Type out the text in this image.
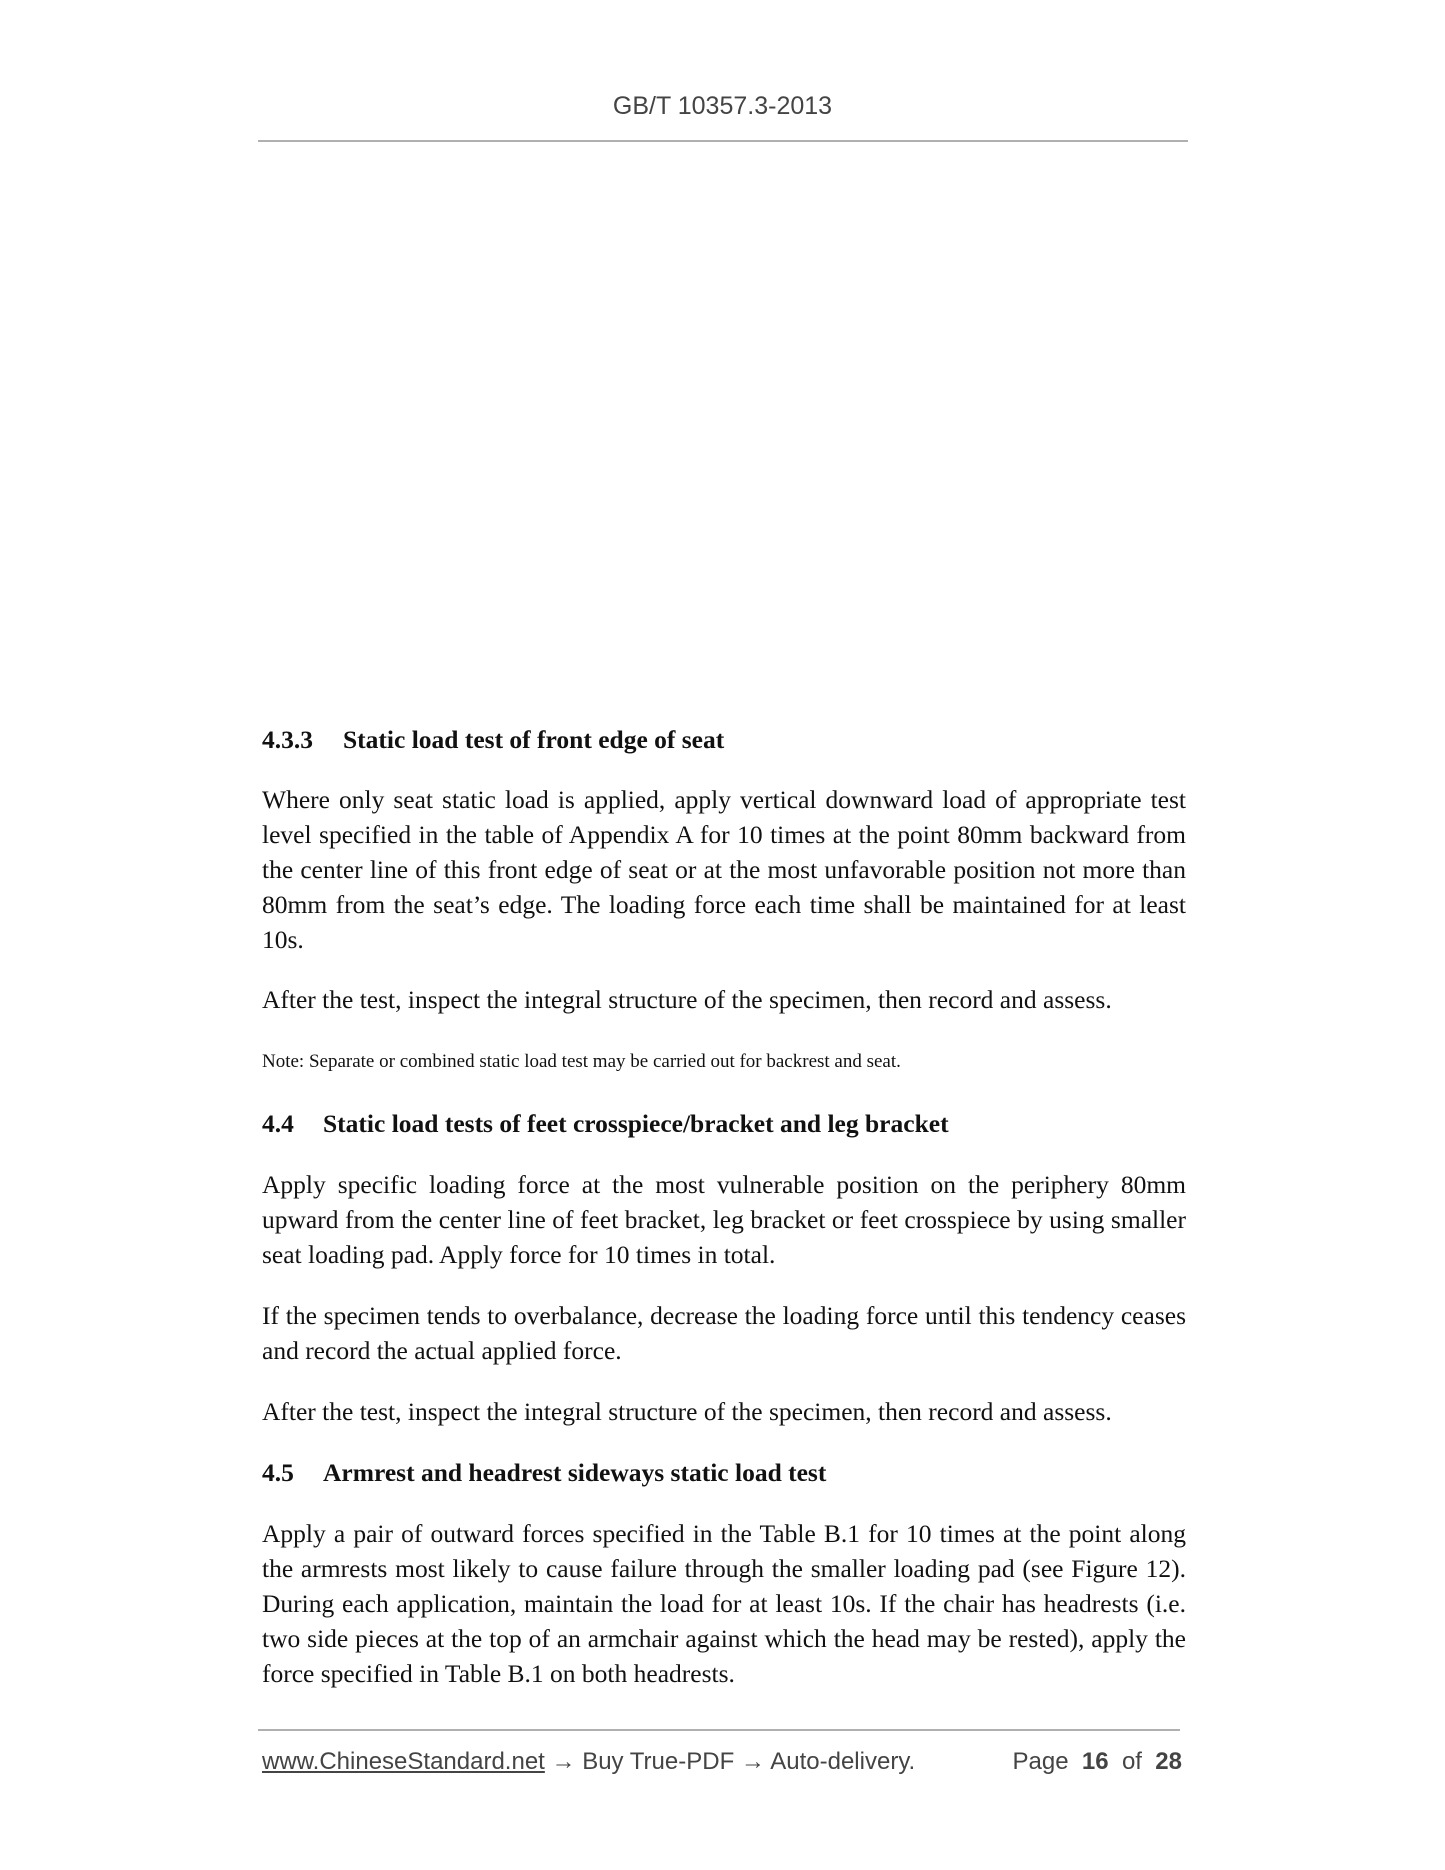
GB/T 10357.3-2013

4.3.3 Static load test of front edge of seat

Where only seat static load is applied, apply vertical downward load of appropriate test level specified in the table of Appendix A for 10 times at the point 80mm backward from the center line of this front edge of seat or at the most unfavorable position not more than 80mm from the seat’s edge. The loading force each time shall be maintained for at least 10s.

After the test, inspect the integral structure of the specimen, then record and assess.

Note: Separate or combined static load test may be carried out for backrest and seat.

4.4 Static load tests of feet crosspiece/bracket and leg bracket

Apply specific loading force at the most vulnerable position on the periphery 80mm upward from the center line of feet bracket, leg bracket or feet crosspiece by using smaller seat loading pad. Apply force for 10 times in total.

If the specimen tends to overbalance, decrease the loading force until this tendency ceases and record the actual applied force.

After the test, inspect the integral structure of the specimen, then record and assess.

4.5 Armrest and headrest sideways static load test

Apply a pair of outward forces specified in the Table B.1 for 10 times at the point along the armrests most likely to cause failure through the smaller loading pad (see Figure 12). During each application, maintain the load for at least 10s. If the chair has headrests (i.e. two side pieces at the top of an armchair against which the head may be rested), apply the force specified in Table B.1 on both headrests.

www.ChineseStandard.net → Buy True-PDF → Auto-delivery.	Page 16 of 28
